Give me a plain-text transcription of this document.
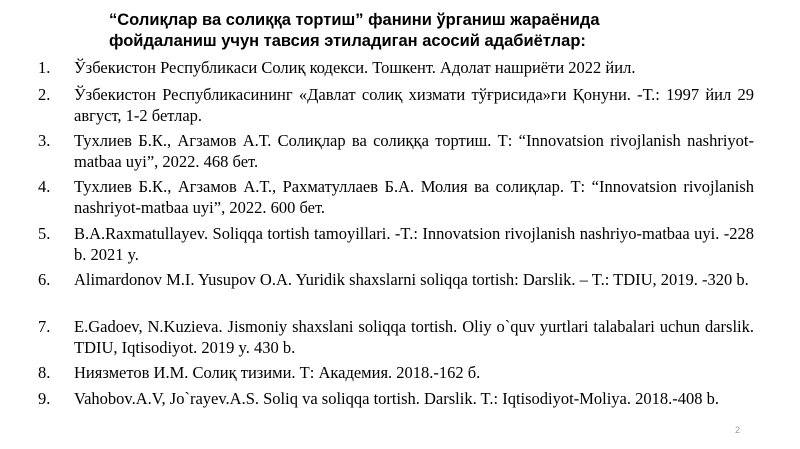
“Солиқлар ва солиққа тортиш” фанини ўрганиш жараёнида
фойдаланиш учун тавсия этиладиган асосий адабиётлар:
1.	Ўзбекистон Республикаси Солиқ кодекси. Тошкент. Адолат нашриёти 2022 йил.
2.	Ўзбекистон Республикасининг «Давлат солиқ хизмати тўғрисида»ги Қонуни. -Т.: 1997 йил 29 август, 1-2 бетлар.
3.	Тухлиев Б.К., Агзамов А.Т. Солиқлар ва солиққа тортиш. Т: “Innovatsion rivojlanish nashriyot-matbaa uyi”, 2022. 468 бет.
4.	Тухлиев Б.К., Агзамов А.Т., Рахматуллаев Б.А. Молия ва солиқлар. Т: “Innovatsion rivojlanish nashriyot-matbaa uyi”, 2022. 600 бет.
5.	B.A.Raxmatullayev. Soliqqa tortish tamoyillari. -T.: Innovatsion rivojlanish nashriyo-matbaa uyi. -228 b. 2021 y.
6.	Alimardonov M.I. Yusupov O.A. Yuridik shaxslarni soliqqa tortish: Darslik. – T.: TDIU, 2019. -320 b.
7.	E.Gadoev, N.Kuzieva. Jismoniy shaxslani soliqqa tortish. Oliy o`quv yurtlari talabalari uchun darslik. TDIU, Iqtisodiyot. 2019 y. 430 b.
8.	Ниязметов И.М. Солиқ тизими. Т: Академия. 2018.-162 б.
9.	Vahobov.A.V, Jo`rayev.A.S. Soliq va soliqqa tortish. Darslik. T.: Iqtisodiyot-Moliya. 2018.-408 b.
2
